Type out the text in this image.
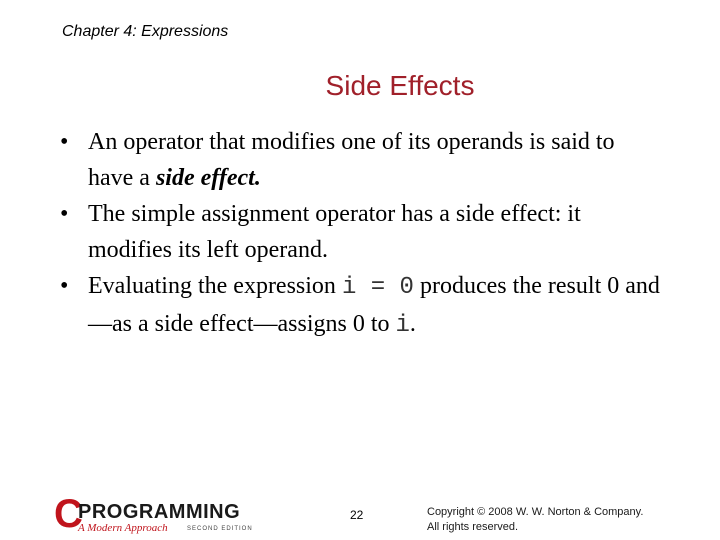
Chapter 4: Expressions
Side Effects
• An operator that modifies one of its operands is said to have a side effect.
• The simple assignment operator has a side effect: it modifies its left operand.
• Evaluating the expression i = 0 produces the result 0 and—as a side effect—assigns 0 to i.
C
PROGRAMMING
A Modern Approach	SECOND EDITION
22	Copyright © 2008 W. W. Norton & Company.
All rights reserved.
